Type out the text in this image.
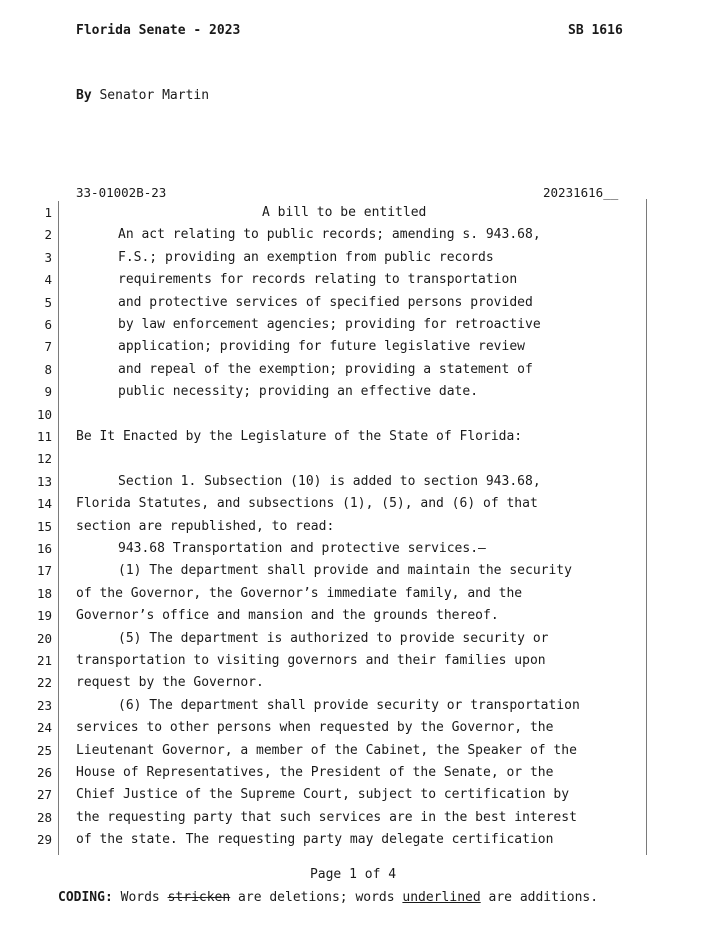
Florida Senate - 2023	SB 1616
By Senator Martin
33-01002B-23	20231616__
1	A bill to be entitled
2	An act relating to public records; amending s. 943.68,
3	F.S.; providing an exemption from public records
4	requirements for records relating to transportation
5	and protective services of specified persons provided
6	by law enforcement agencies; providing for retroactive
7	application; providing for future legislative review
8	and repeal of the exemption; providing a statement of
9	public necessity; providing an effective date.
10
11 Be It Enacted by the Legislature of the State of Florida:
12
13	Section 1. Subsection (10) is added to section 943.68,
14 Florida Statutes, and subsections (1), (5), and (6) of that
15 section are republished, to read:
16	943.68 Transportation and protective services.—
17	(1) The department shall provide and maintain the security
18 of the Governor, the Governor’s immediate family, and the
19 Governor’s office and mansion and the grounds thereof.
20	(5) The department is authorized to provide security or
21 transportation to visiting governors and their families upon
22 request by the Governor.
23	(6) The department shall provide security or transportation
24 services to other persons when requested by the Governor, the
25 Lieutenant Governor, a member of the Cabinet, the Speaker of the
26 House of Representatives, the President of the Senate, or the
27 Chief Justice of the Supreme Court, subject to certification by
28 the requesting party that such services are in the best interest
29 of the state. The requesting party may delegate certification
Page 1 of 4
CODING: Words stricken are deletions; words underlined are additions.
